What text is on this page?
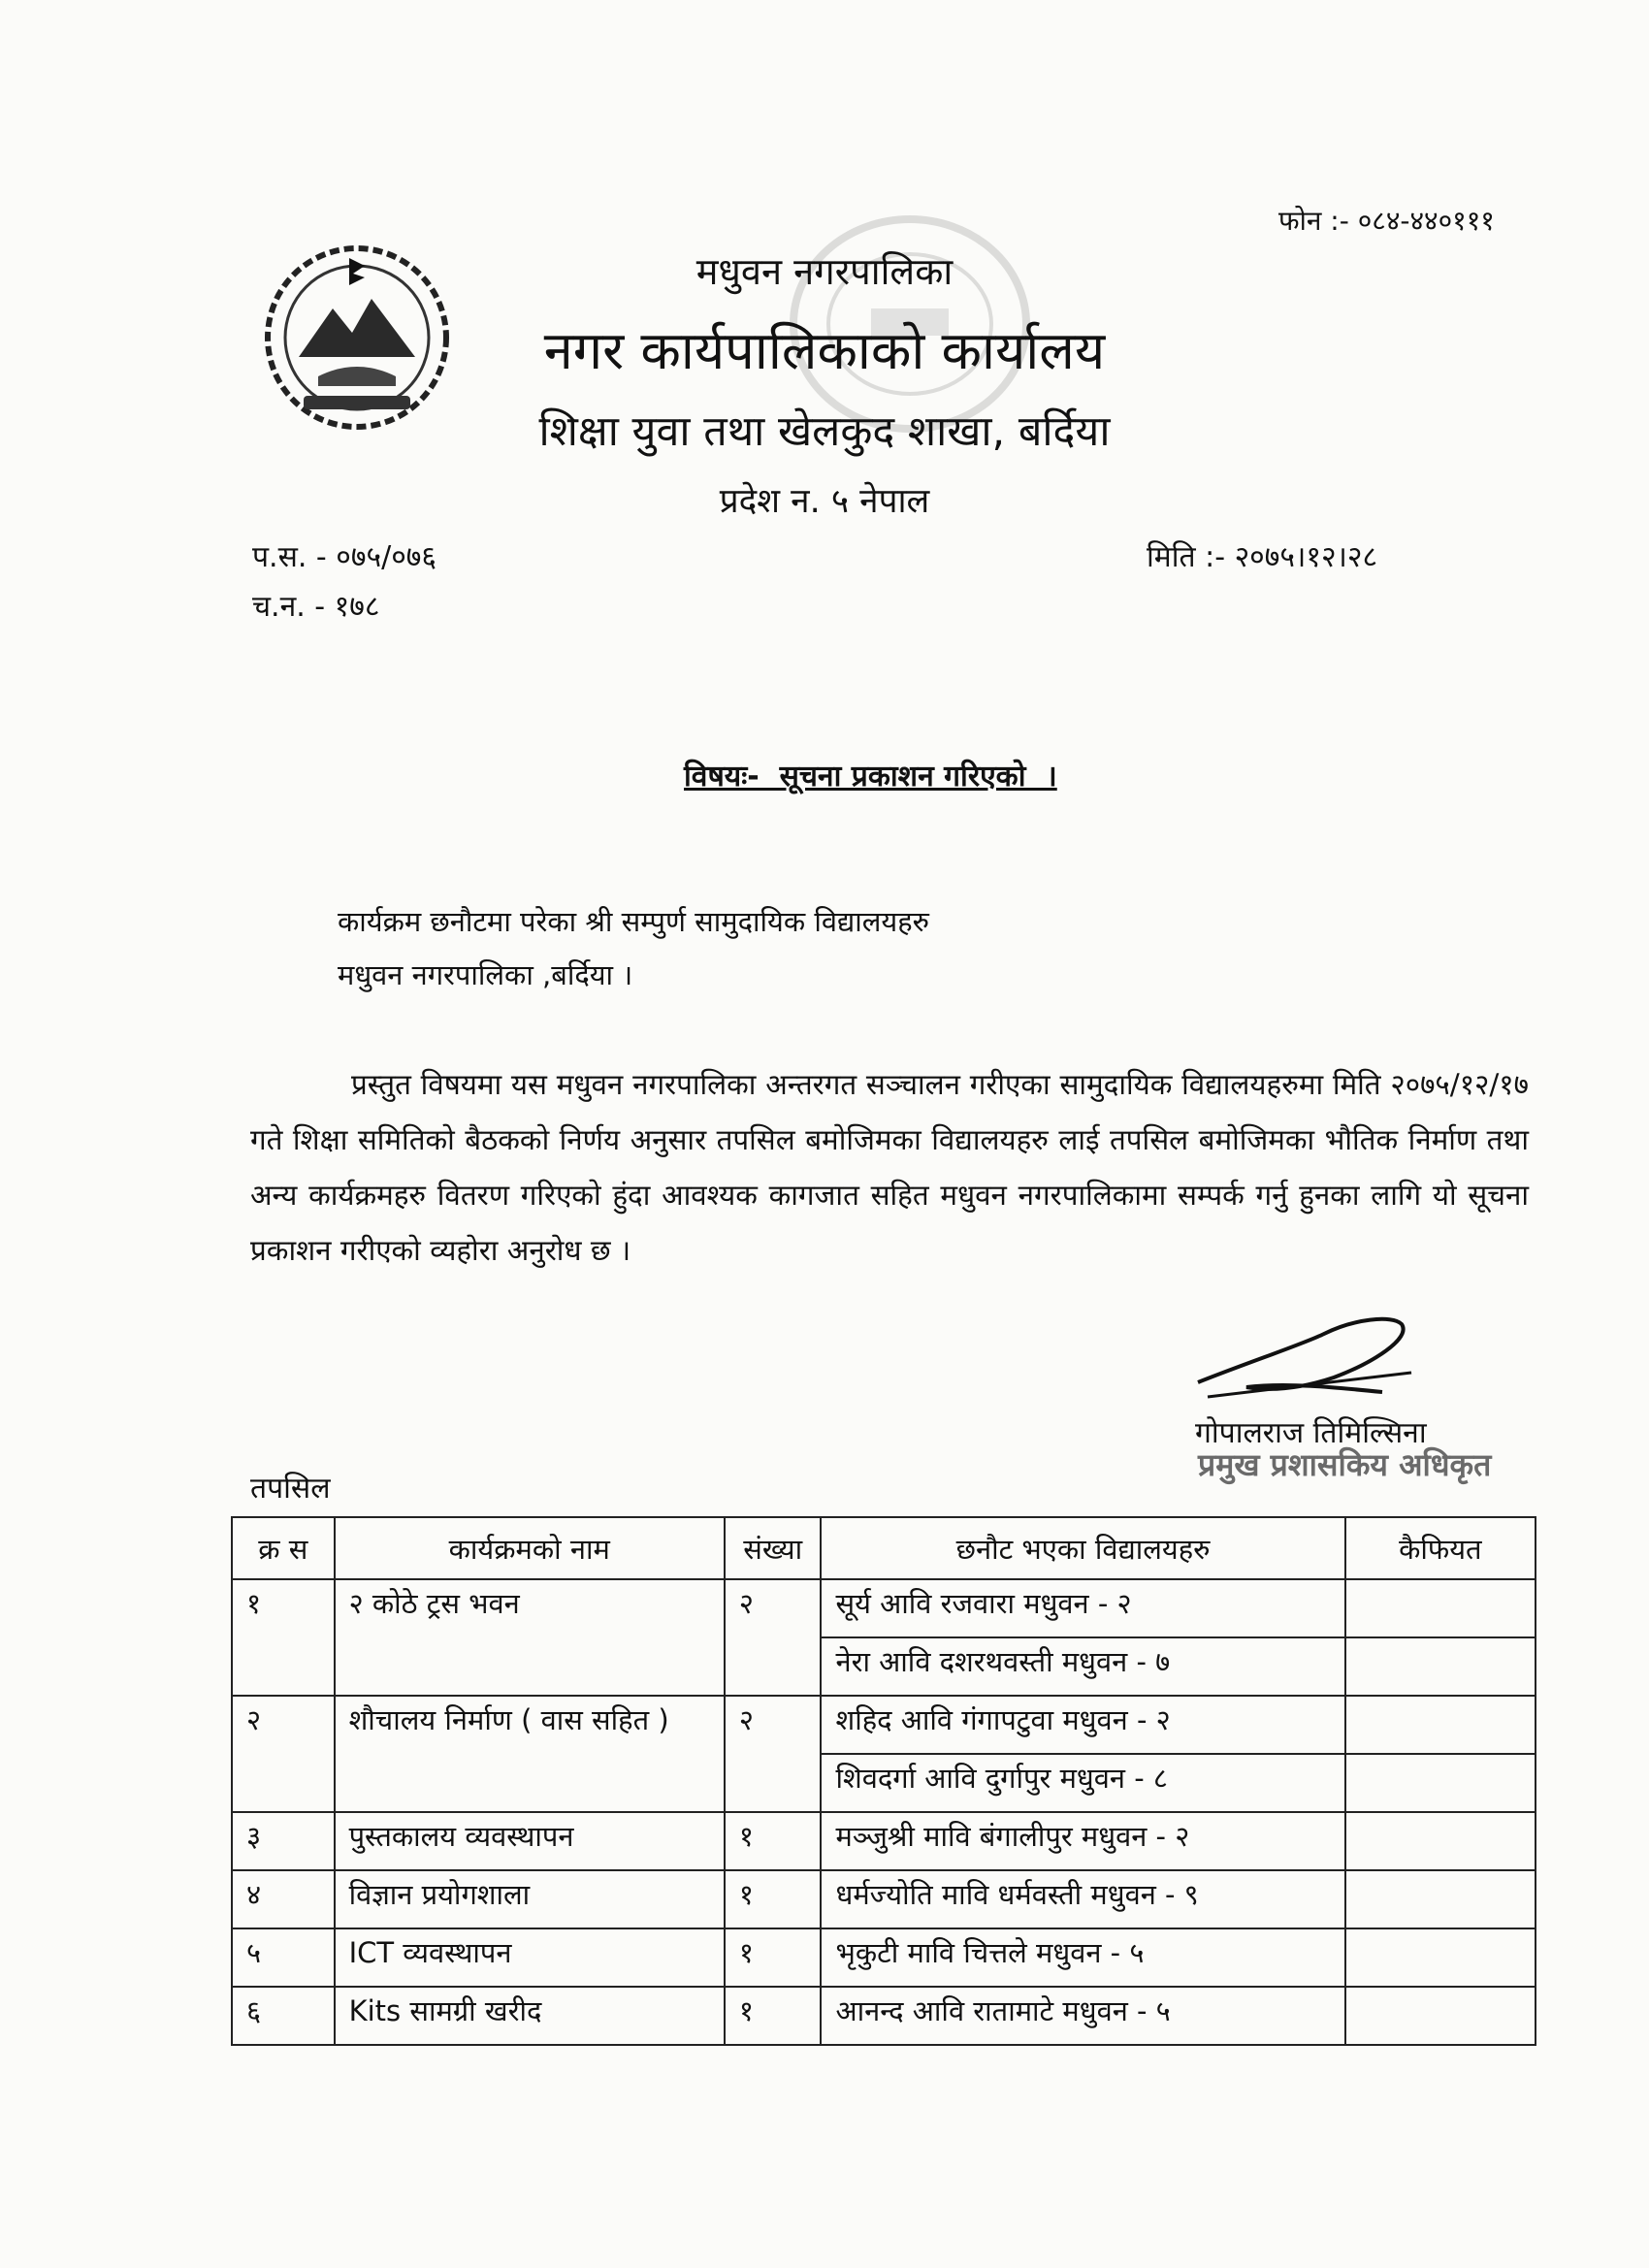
फोन :- ०८४-४४०१११
मधुवन नगरपालिका
नगर कार्यपालिकाको कार्यालय
शिक्षा युवा तथा खेलकुद शाखा, बर्दिया
प्रदेश न. ५ नेपाल
प.स. - ०७५/०७६
च.न. - १७८
मिति :- २०७५।१२।२८
विषयः-  सूचना प्रकाशन गरिएको  ।
कार्यक्रम छनौटमा परेका श्री सम्पुर्ण सामुदायिक विद्यालयहरु
मधुवन नगरपालिका ,बर्दिया ।

प्रस्तुत विषयमा यस मधुवन नगरपालिका अन्तरगत सञ्चालन गरीएका सामुदायिक विद्यालयहरुमा मिति २०७५/१२/१७ गते शिक्षा समितिको बैठकको निर्णय अनुसार तपसिल बमोजिमका विद्यालयहरु लाई तपसिल बमोजिमका भौतिक निर्माण तथा अन्य कार्यक्रमहरु वितरण गरिएको हुंदा आवश्यक कागजात सहित मधुवन नगरपालिकामा सम्पर्क गर्नु हुनका लागि यो सूचना प्रकाशन गरीएको व्यहोरा अनुरोध छ ।

गोपालराज तिमिल्सिना
प्रमुख प्रशासकिय अधिकृत
तपसिल
क्र स	कार्यक्रमको नाम	संख्या	छनौट भएका विद्यालयहरु	कैफियत
१	२ कोठे ट्रस भवन	२	सूर्य आवि रजवारा मधुवन - २	
			नेरा आवि दशरथवस्ती मधुवन - ७	
२	शौचालय निर्माण ( वास सहित )	२	शहिद आवि गंगापटुवा मधुवन - २	
			शिवदर्गा आवि दुर्गापुर मधुवन - ८	
३	पुस्तकालय व्यवस्थापन	१	मञ्जुश्री मावि बंगालीपुर मधुवन - २	
४	विज्ञान प्रयोगशाला	१	धर्मज्योति मावि धर्मवस्ती मधुवन - ९	
५	ICT व्यवस्थापन	१	भृकुटी मावि चित्तले मधुवन - ५	
६	Kits सामग्री खरीद	१	आनन्द आवि रातामाटे मधुवन - ५	
